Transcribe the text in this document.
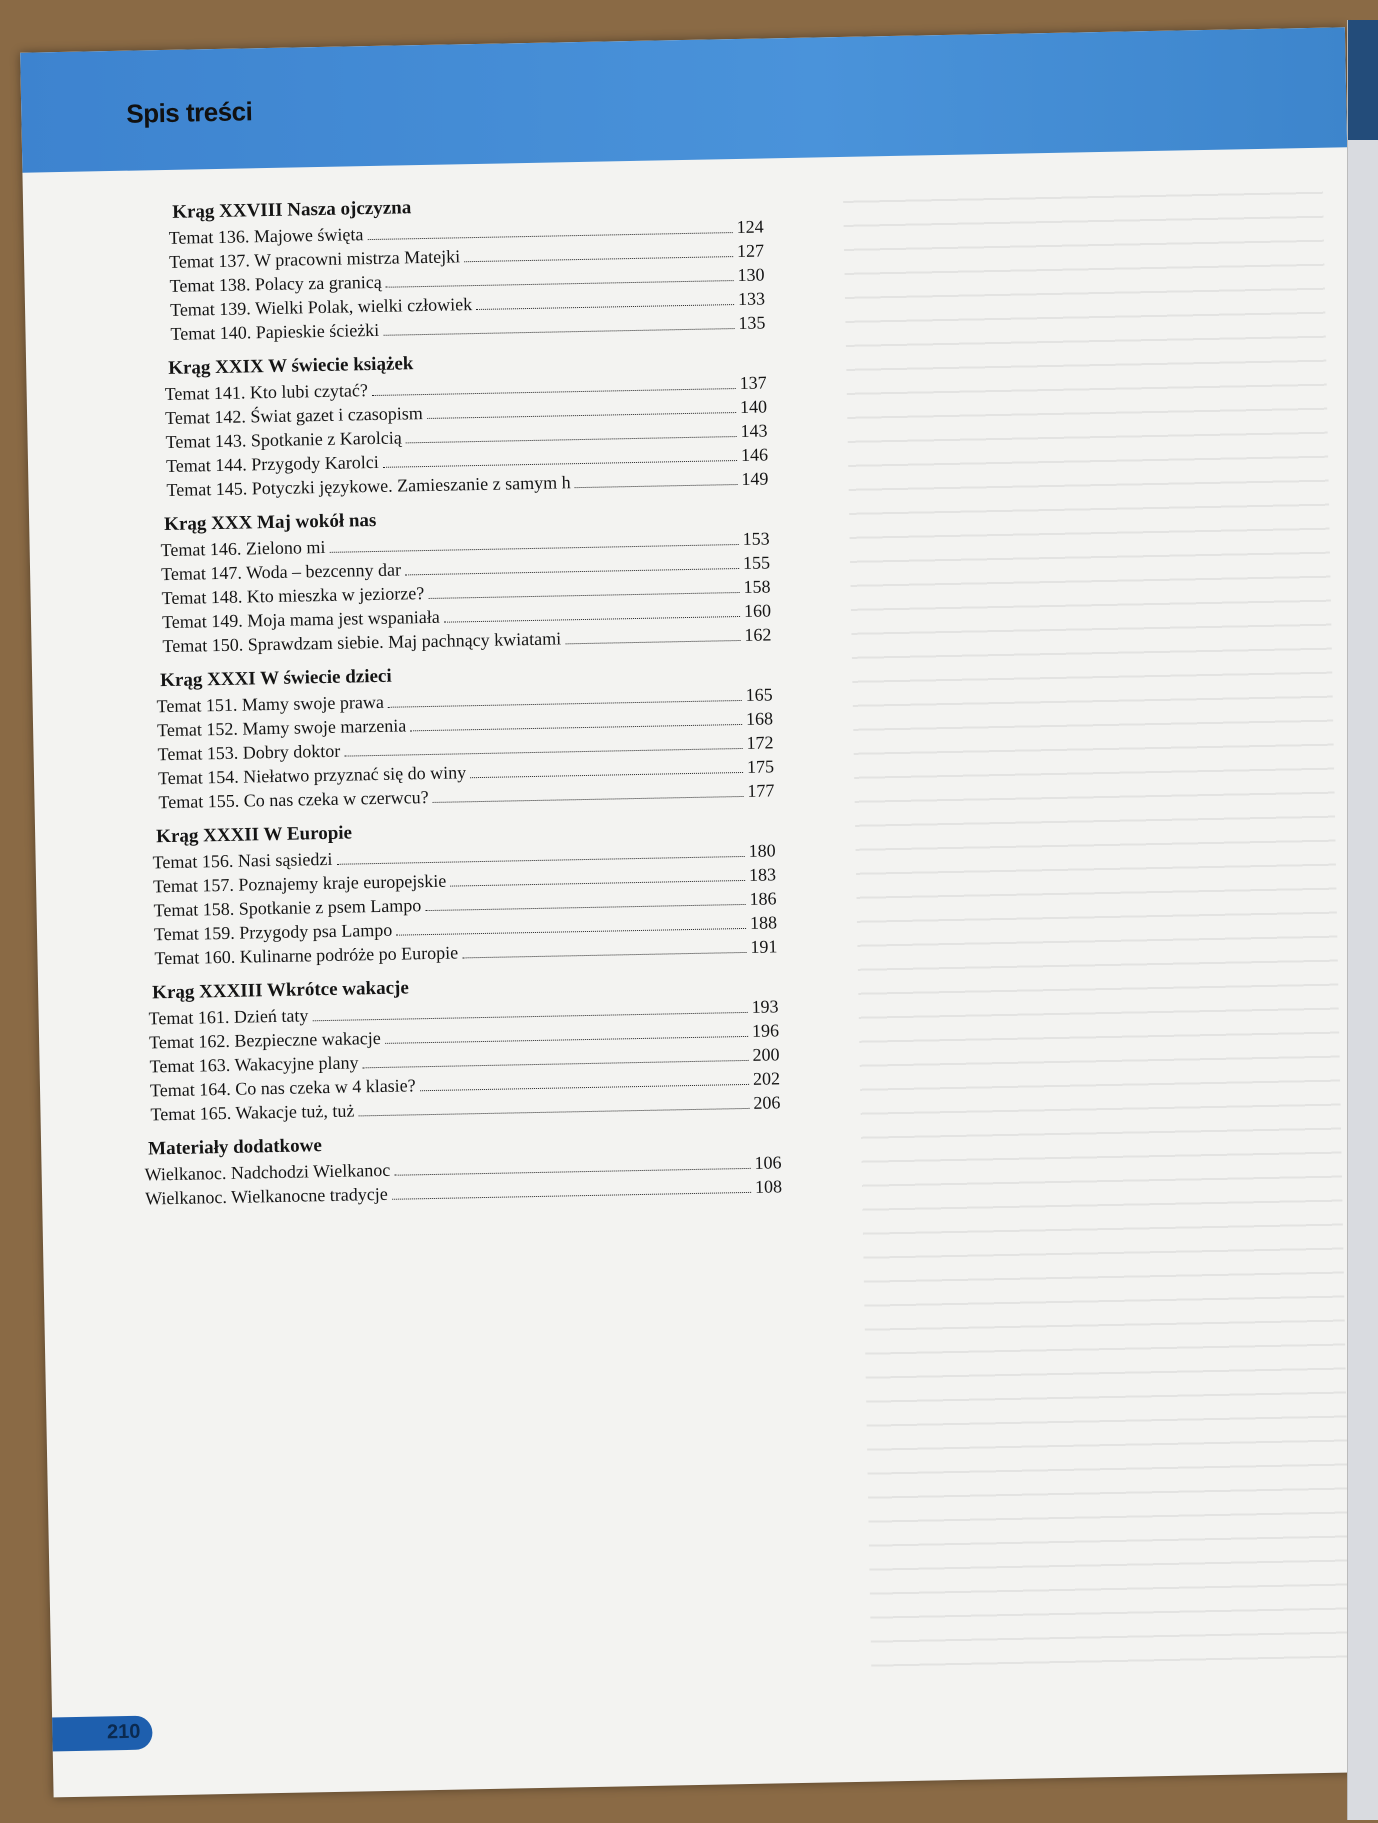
Spis treści
Krąg XXVIII Nasza ojczyzna
Temat 136. Majowe święta	124
Temat 137. W pracowni mistrza Matejki	127
Temat 138. Polacy za granicą	130
Temat 139. Wielki Polak, wielki człowiek	133
Temat 140. Papieskie ścieżki	135
Krąg XXIX W świecie książek
Temat 141. Kto lubi czytać?	137
Temat 142. Świat gazet i czasopism	140
Temat 143. Spotkanie z Karolcią	143
Temat 144. Przygody Karolci	146
Temat 145. Potyczki językowe. Zamieszanie z samym h	149
Krąg XXX Maj wokół nas
Temat 146. Zielono mi	153
Temat 147. Woda – bezcenny dar	155
Temat 148. Kto mieszka w jeziorze?	158
Temat 149. Moja mama jest wspaniała	160
Temat 150. Sprawdzam siebie. Maj pachnący kwiatami	162
Krąg XXXI W świecie dzieci
Temat 151. Mamy swoje prawa	165
Temat 152. Mamy swoje marzenia	168
Temat 153. Dobry doktor	172
Temat 154. Niełatwo przyznać się do winy	175
Temat 155. Co nas czeka w czerwcu?	177
Krąg XXXII W Europie
Temat 156. Nasi sąsiedzi	180
Temat 157. Poznajemy kraje europejskie	183
Temat 158. Spotkanie z psem Lampo	186
Temat 159. Przygody psa Lampo	188
Temat 160. Kulinarne podróże po Europie	191
Krąg XXXIII Wkrótce wakacje
Temat 161. Dzień taty	193
Temat 162. Bezpieczne wakacje	196
Temat 163. Wakacyjne plany	200
Temat 164. Co nas czeka w 4 klasie?	202
Temat 165. Wakacje tuż, tuż	206
Materiały dodatkowe
Wielkanoc. Nadchodzi Wielkanoc	106
Wielkanoc. Wielkanocne tradycje	108
210
